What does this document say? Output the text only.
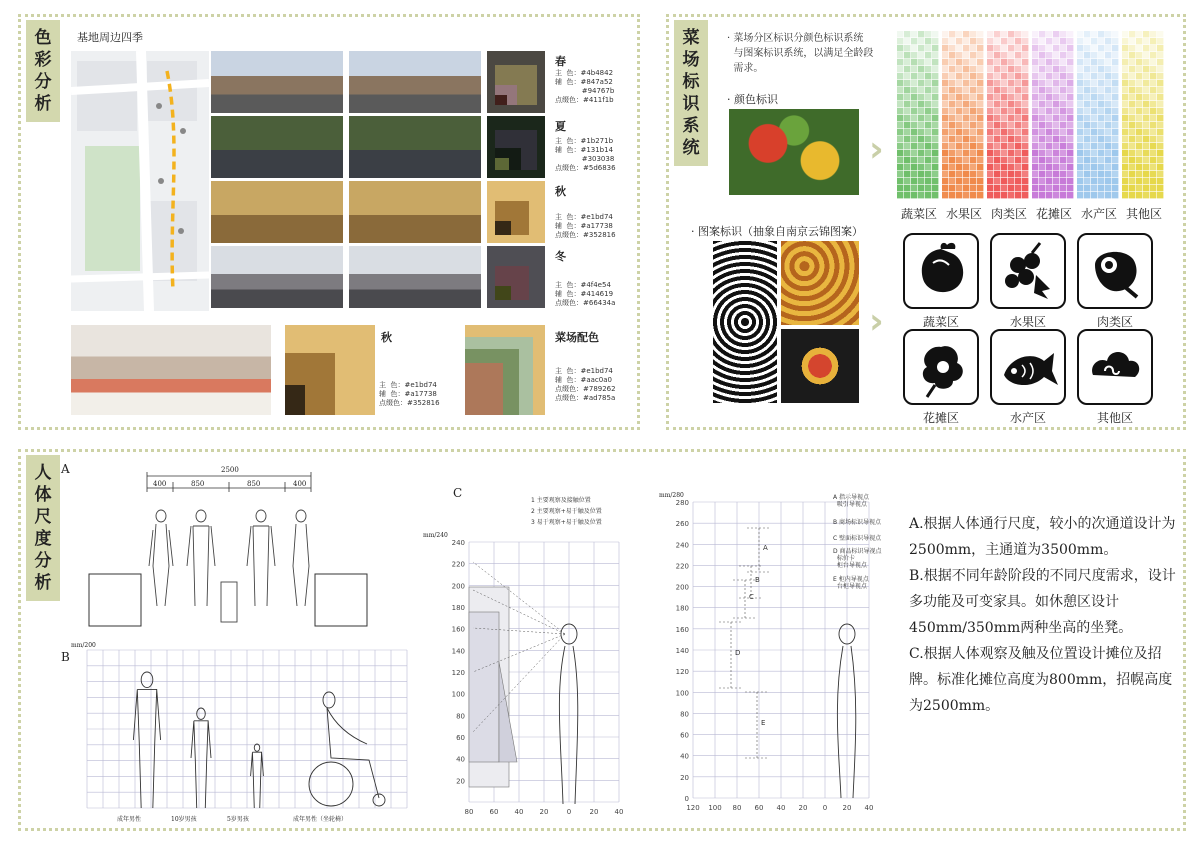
色
彩
分
析
基地周边四季
春
主  色：#4b4842
辅  色：#847a52
#94767b
点缀色：#411f1b
夏
主  色：#1b271b
辅  色：#131b14
#303038
点缀色：#5d6836
秋
主  色：#e1bd74
辅  色：#a17738
点缀色：#352816
冬
主  色：#4f4e54
辅  色：#414619
点缀色：#66434a
秋
主  色：#e1bd74
辅  色：#a17738
点缀色：#352816
菜场配色
主  色：#e1bd74
辅  色：#aac0a0
点缀色：#789262
点缀色：#ad785a
菜
场
标
识
系
统
· 菜场分区标识分颜色标识系统
与图案标识系统，以满足全龄段
需求。
· 颜色标识
›
· 图案标识（抽象自南京云锦图案）
›	蔬菜区	水果区	肉类区
花摊区	水产区	其他区
蔬菜区 水果区 肉类区 花摊区 水产区 其他区
人
体
尺
度
分
析
A	2500
400	850	850	400
B
mm/200
成年男性	10岁男孩	5岁男孩	成年男性（坐轮椅）
C
1 主要观察及接触位置
2 主要观察+易于触及位置
3 易于观察+易于触及位置
mm/240
240
220
200
180
160
140
120
100
80
60
40
20
80 60 40 20	0	20 40
mm/280
280
260
240
220
200
180
160
140
120
100
80
60
40
20
0
120 100 80 60 40 20 0 20 40
A
B
C
D
E
A 指示导视点
吸引导视点
B 商场标识导视点
C 壁面标识导视点
D 商品标识导视点
标价卡
柜台导视点
E 柜内导视点
台柜导视点

A.根据人体通行尺度，较小的次通道设计为2500mm，主通道为3500mm。

B.根据不同年龄阶段的不同尺度需求，设计多功能及可变家具。如休憩区设计450mm/350mm两种坐高的坐凳。

C.根据人体观察及触及位置设计摊位及招牌。标准化摊位高度为800mm，招幌高度为2500mm。
